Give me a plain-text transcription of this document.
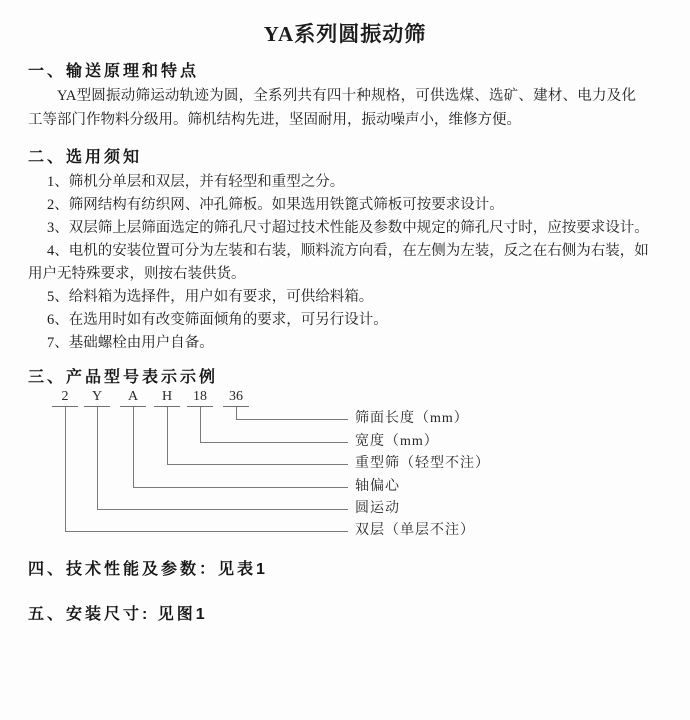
YA系列圆振动筛
一、输送原理和特点

YA型圆振动筛运动轨迹为圆，全系列共有四十种规格，可供选煤、选矿、建材、电力及化工等部门作物料分级用。筛机结构先进，坚固耐用，振动噪声小，维修方便。

二、选用须知
1、筛机分单层和双层，并有轻型和重型之分。
2、筛网结构有纺织网、冲孔筛板。如果选用铁篦式筛板可按要求设计。
3、双层筛上层筛面选定的筛孔尺寸超过技术性能及参数中规定的筛孔尺寸时，应按要求设计。
4、电机的安装位置可分为左装和右装，顺料流方向看，在左侧为左装，反之在右侧为右装，如用户无特殊要求，则按右装供货。
5、给料箱为选择件，用户如有要求，可供给料箱。
6、在选用时如有改变筛面倾角的要求，可另行设计。
7、基础螺栓由用户自备。
三、产品型号表示示例
2	Y	A	H	18	36
筛面长度（mm）
宽度（mm）
重型筛（轻型不注）
轴偏心
圆运动
双层（单层不注）
四、技术性能及参数：见表1
五、安装尺寸: 见图1
